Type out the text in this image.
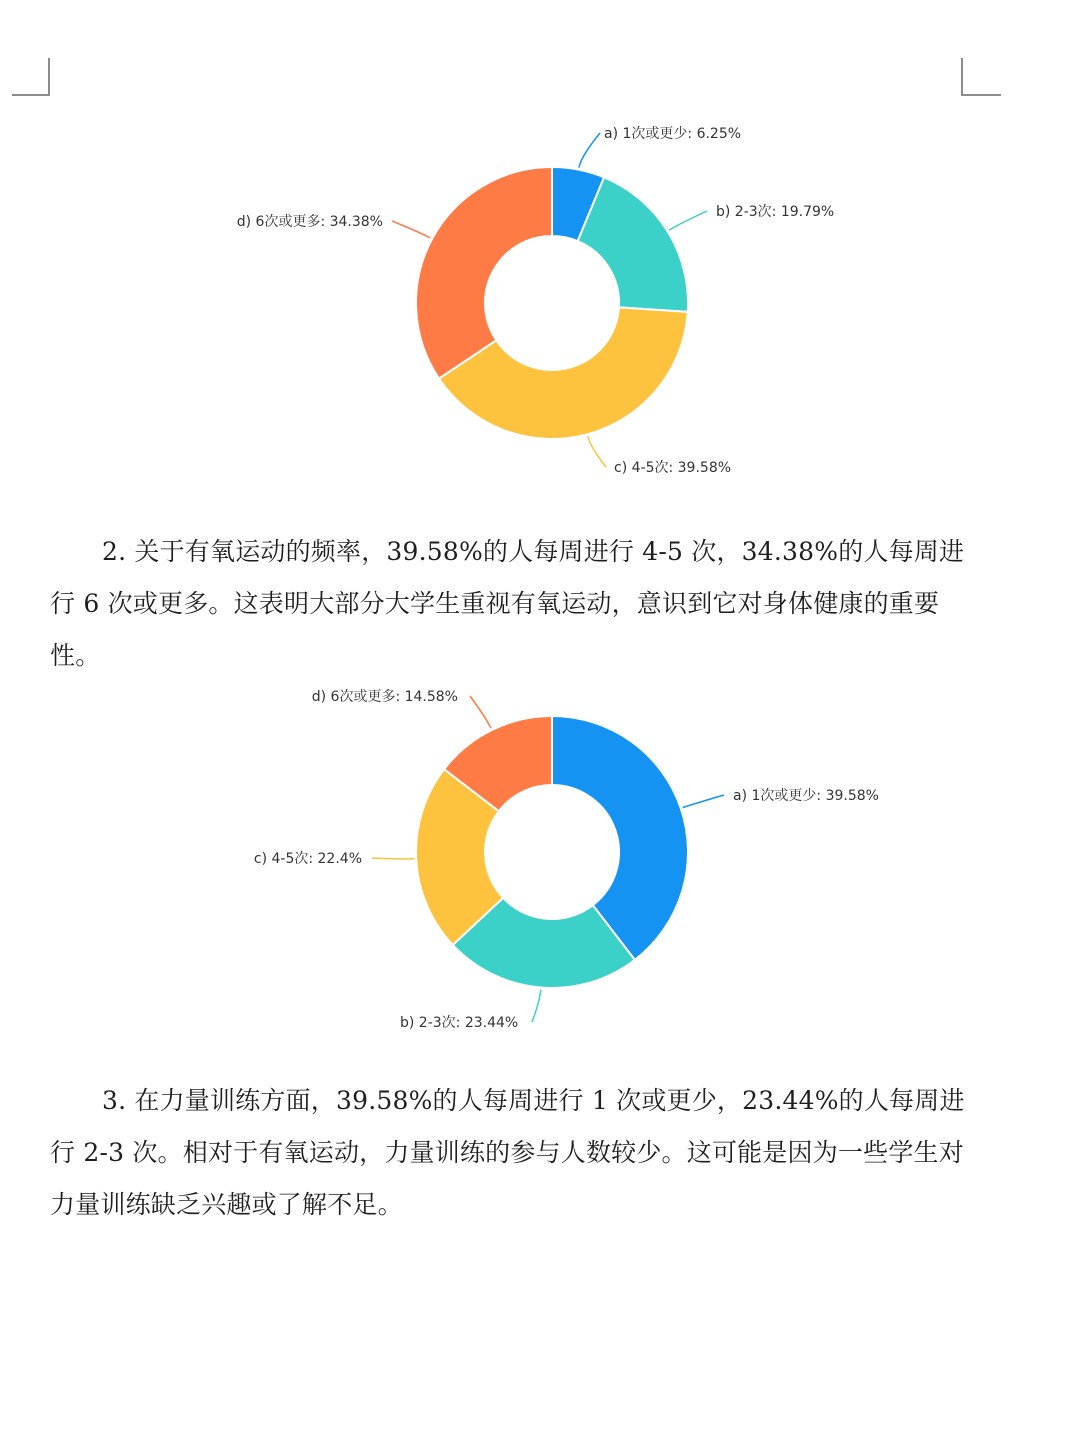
a) 1次或更少: 6.25%
b) 2-3次: 19.79%
c) 4-5次: 39.58%
d) 6次或更多: 34.38%

2. 关于有氧运动的频率，39.58%的人每周进行 4-5 次，34.38%的人每周进行 6 次或更多。这表明大部分大学生重视有氧运动，意识到它对身体健康的重要性。

a) 1次或更少: 39.58%
b) 2-3次: 23.44%
c) 4-5次: 22.4%
d) 6次或更多: 14.58%

3. 在力量训练方面，39.58%的人每周进行 1 次或更少，23.44%的人每周进行 2-3 次。相对于有氧运动，力量训练的参与人数较少。这可能是因为一些学生对力量训练缺乏兴趣或了解不足。
